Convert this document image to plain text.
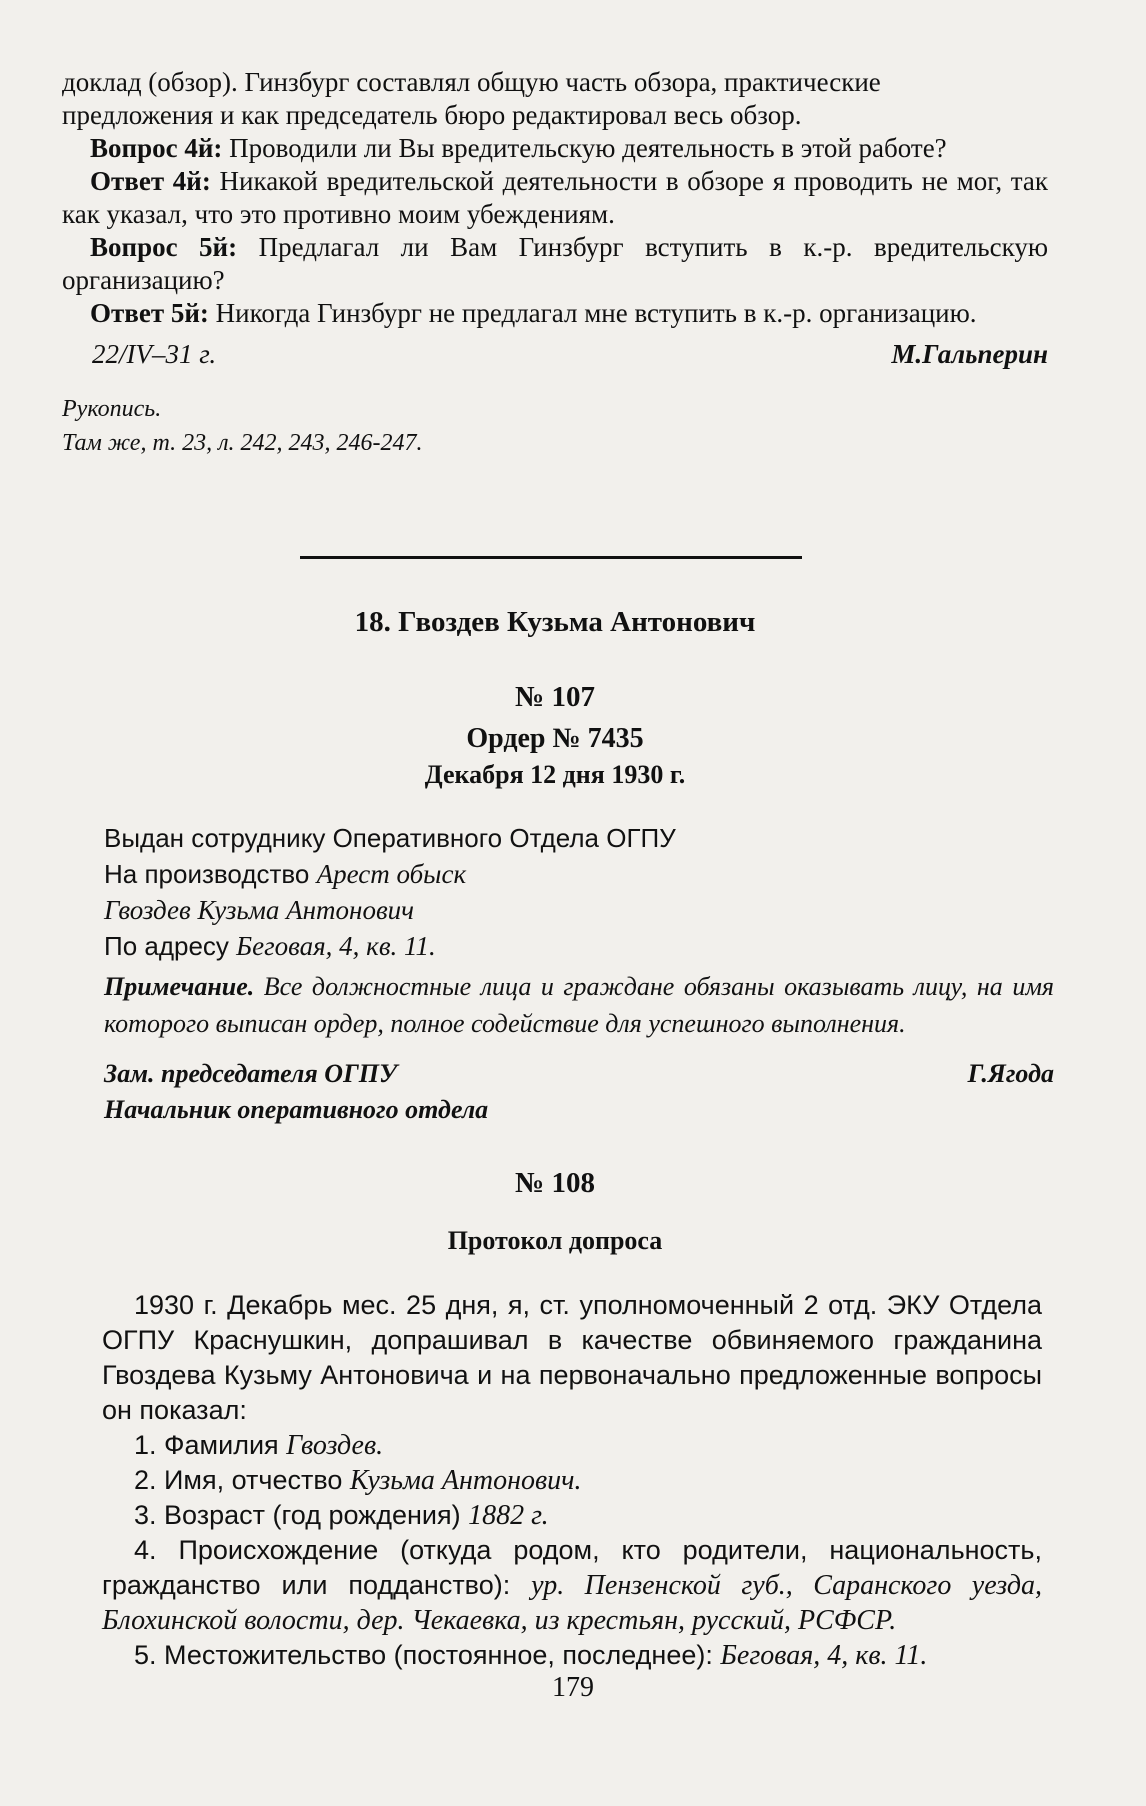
доклад (обзор). Гинзбург составлял общую часть обзора, практические

предложения и как председатель бюро редактировал весь обзор.

Вопрос 4й: Проводили ли Вы вредительскую деятельность в этой работе?

Ответ 4й: Никакой вредительской деятельности в обзоре я проводить не мог, так как указал, что это противно моим убеждениям.

Вопрос 5й: Предлагал ли Вам Гинзбург вступить в к.-р. вредительскую организацию?

Ответ 5й: Никогда Гинзбург не предлагал мне вступить в к.-р. организацию.

22/IV–31 г.	М.Гальперин
Рукопись.
Там же, т. 23, л. 242, 243, 246-247.
18. Гвоздев Кузьма Антонович
№ 107
Ордер № 7435
Декабря 12 дня 1930 г.
Выдан сотруднику Оперативного Отдела ОГПУ
На производство Арест обыск
Гвоздев Кузьма Антонович
По адресу Беговая, 4, кв. 11.
Примечание. Все должностные лица и граждане обязаны оказывать лицу, на имя которого выписан ордер, полное содействие для успешного выполнения.
Зам. председателя ОГПУ	Г.Ягода
Начальник оперативного отдела
№ 108
Протокол допроса

1930 г. Декабрь мес. 25 дня, я, ст. уполномоченный 2 отд. ЭКУ Отдела ОГПУ Краснушкин, допрашивал в качестве обвиняемого гражданина Гвоздева Кузьму Антоновича и на первоначально предложенные вопросы он показал:

1. Фамилия Гвоздев.
2. Имя, отчество Кузьма Антонович.
3. Возраст (год рождения) 1882 г.
4. Происхождение (откуда родом, кто родители, национальность, гражданство или подданство): ур. Пензенской губ., Саранского уезда, Блохинской волости, дер. Чекаевка, из крестьян, русский, РСФСР.
5. Местожительство (постоянное, последнее): Беговая, 4, кв. 11.
179
